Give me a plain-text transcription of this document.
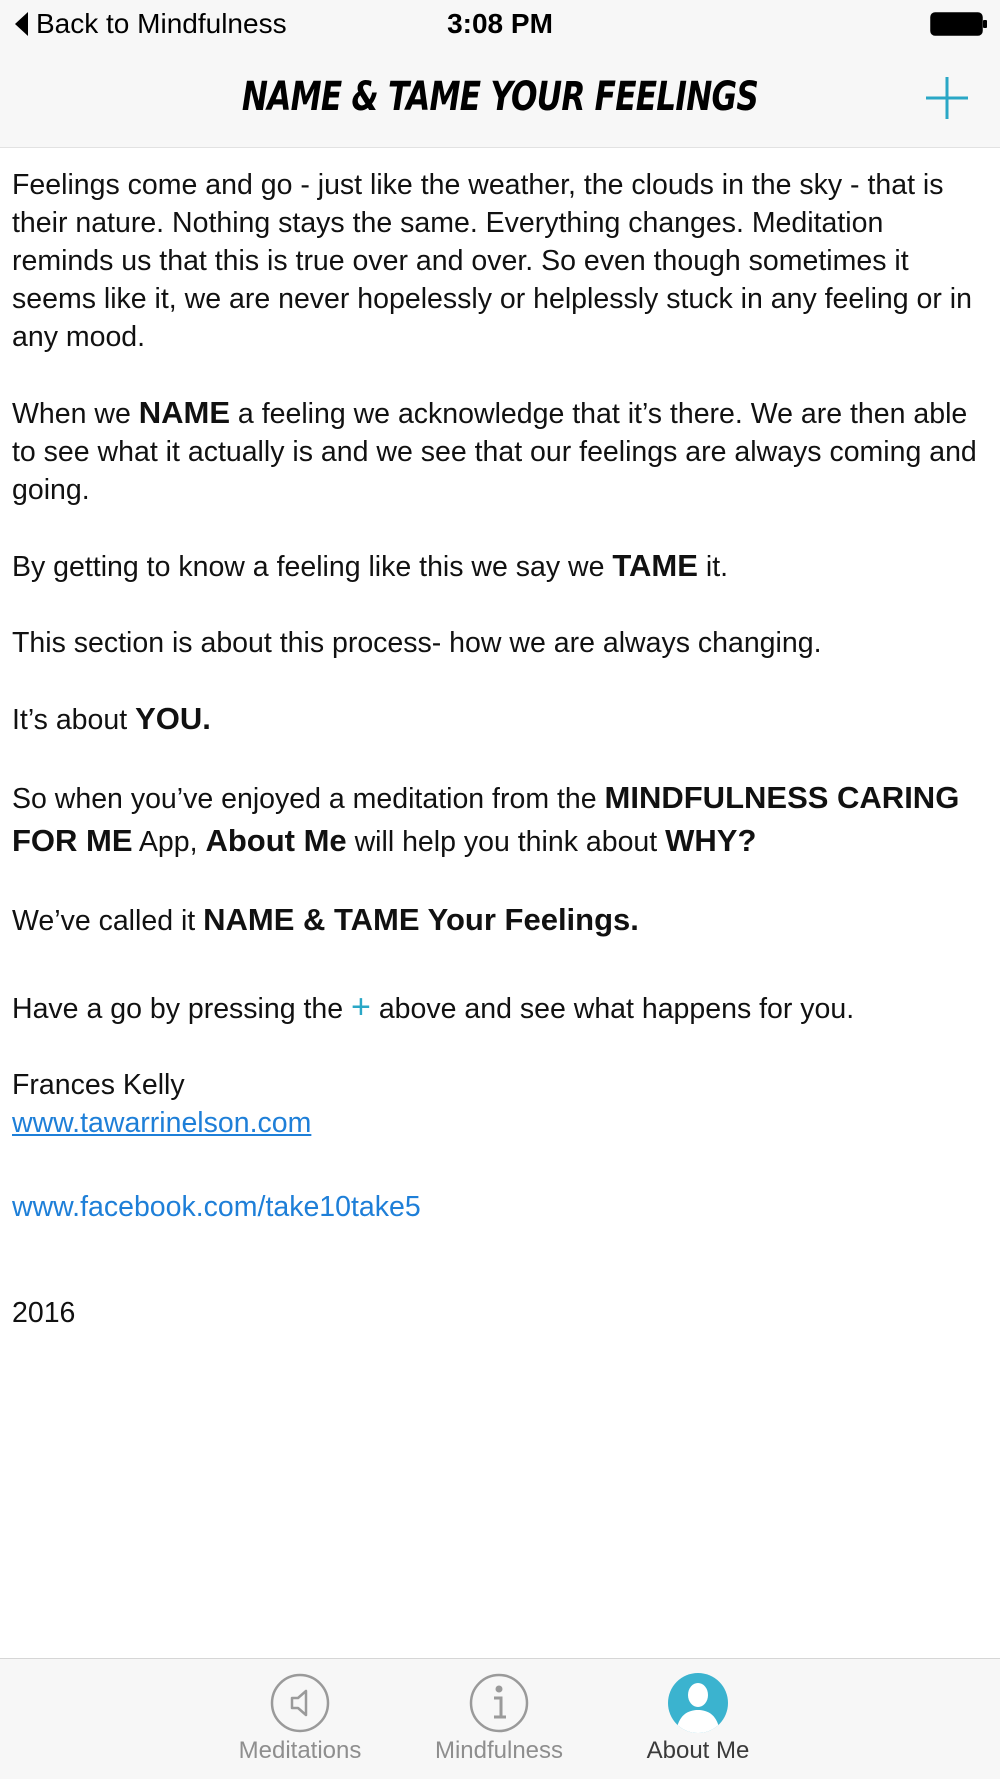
Back to Mindfulness	3:08 PM
NAME & TAME YOUR FEELINGS

Feelings come and go - just like the weather, the clouds in the sky - that is their nature. Nothing stays the same. Everything changes. Meditation reminds us that this is true over and over. So even though sometimes it seems like it, we are never hopelessly or helplessly stuck in any feeling or in any mood.

When we NAME a feeling we acknowledge that it’s there. We are then able to see what it actually is and we see that our feelings are always coming and going.

By getting to know a feeling like this we say we TAME it.

This section is about this process- how we are always changing.

It’s about YOU.

So when you’ve enjoyed a meditation from the MINDFULNESS CARING FOR ME App, About Me will help you think about WHY?

We’ve called it NAME & TAME Your Feelings.

Have a go by pressing the + above and see what happens for you.

Frances Kelly

www.tawarrinelson.com

www.facebook.com/take10take5

2016

Meditations	Mindfulness	About Me
